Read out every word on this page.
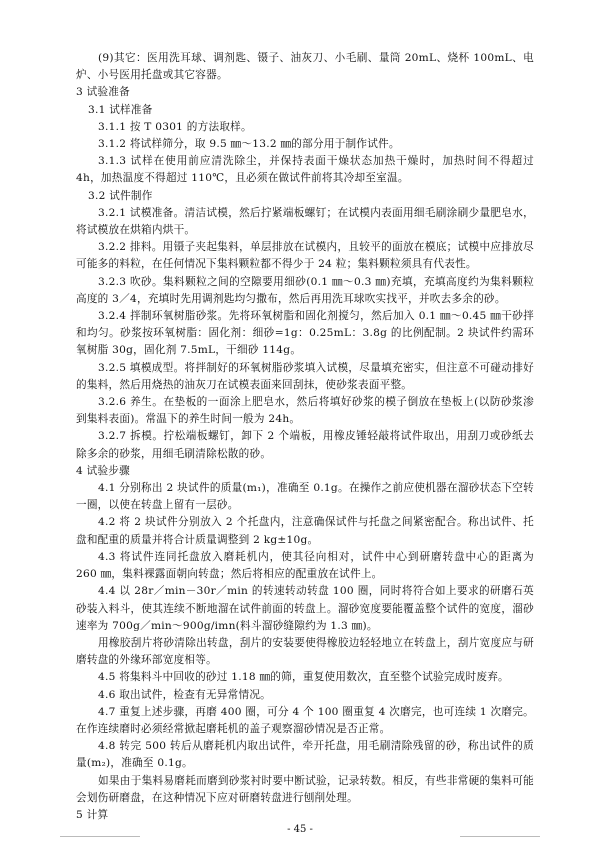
(9)其它：医用洗耳球、调剂匙、镊子、油灰刀、小毛刷、量筒 20mL、烧杯 100mL、电炉、小号医用托盘或其它容器。

3 试验准备

3.1 试样准备

3.1.1 按 T 0301 的方法取样。

3.1.2 将试样筛分，取 9.5 ㎜～13.2 ㎜的部分用于制作试件。

3.1.3 试样在使用前应清洗除尘，并保持表面干燥状态加热干燥时，加热时间不得超过 4h，加热温度不得超过 110℃，且必须在做试件前将其冷却至室温。

3.2 试件制作

3.2.1 试模准备。清洁试模，然后拧紧端板螺钉；在试模内表面用细毛刷涂刷少量肥皂水，将试模放在烘箱内烘干。

3.2.2 排料。用镊子夹起集料，单层排放在试模内，且较平的面放在模底；试模中应排放尽可能多的料粒，在任何情况下集料颗粒都不得少于 24 粒；集料颗粒须具有代表性。

3.2.3 吹砂。集料颗粒之间的空隙要用细砂(0.1 ㎜～0.3 ㎜)充填，充填高度约为集料颗粒高度的 3／4，充填时先用调剂匙均匀撒布，然后再用洗耳球吹实找平，并吹去多余的砂。

3.2.4 拌制环氧树脂砂浆。先将环氧树脂和固化剂搅匀，然后加入 0.1 ㎜～0.45 ㎜干砂拌和均匀。砂浆按环氧树脂：固化剂：细砂=1g：0.25mL：3.8g 的比例配制。2 块试件约需环氧树脂 30g，固化剂 7.5mL，干细砂 114g。

3.2.5 填模成型。将拌制好的环氧树脂砂浆填入试模，尽量填充密实，但注意不可碰动排好的集料，然后用烧热的油灰刀在试模表面来回刮抹，使砂浆表面平整。

3.2.6 养生。在垫板的一面涂上肥皂水，然后将填好砂浆的模子倒放在垫板上(以防砂浆渗到集料表面)。常温下的养生时间一般为 24h。

3.2.7 拆模。拧松端板螺钉，卸下 2 个端板，用橡皮锤轻敲将试件取出，用刮刀或砂纸去除多余的砂浆，用细毛刷清除松散的砂。

4 试验步骤

4.1 分别称出 2 块试件的质量(m₁)，准确至 0.1g。在操作之前应使机器在溜砂状态下空转一圈，以使在转盘上留有一层砂。

4.2 将 2 块试件分别放入 2 个托盘内，注意确保试件与托盘之间紧密配合。称出试件、托盘和配重的质量并将合计质量调整到 2 kg±10g。

4.3 将试件连同托盘放入磨耗机内，使其径向相对，试件中心到研磨转盘中心的距离为 260 ㎜，集料裸露面朝向转盘；然后将相应的配重放在试件上。

4.4 以 28r／min－30r／min 的转速转动转盘 100 圈，同时将符合如上要求的研磨石英砂装入料斗，使其连续不断地溜在试件前面的转盘上。溜砂宽度要能覆盖整个试件的宽度，溜砂速率为 700g／min～900g/imn(料斗溜砂缝隙约为 1.3 ㎜)。

用橡胶刮片将砂清除出转盘，刮片的安装要使得橡胶边轻轻地立在转盘上，刮片宽度应与研磨转盘的外缘环部宽度相等。

4.5 将集料斗中回收的砂过 1.18 ㎜的筛，重复使用数次，直至整个试验完成时废弃。

4.6 取出试件，检查有无异常情况。

4.7 重复上述步骤，再磨 400 圈，可分 4 个 100 圈重复 4 次磨完，也可连续 1 次磨完。在作连续磨时必须经常掀起磨耗机的盖子观察溜砂情况是否正常。

4.8 转完 500 转后从磨耗机内取出试件，牵开托盘，用毛刷清除残留的砂，称出试件的质量(m₂)，准确至 0.1g。

如果由于集料易磨耗而磨到砂浆衬时要中断试验，记录转数。相反，有些非常硬的集料可能会划伤研磨盘，在这种情况下应对研磨转盘进行刨削处理。

5 计算

- 45 -
